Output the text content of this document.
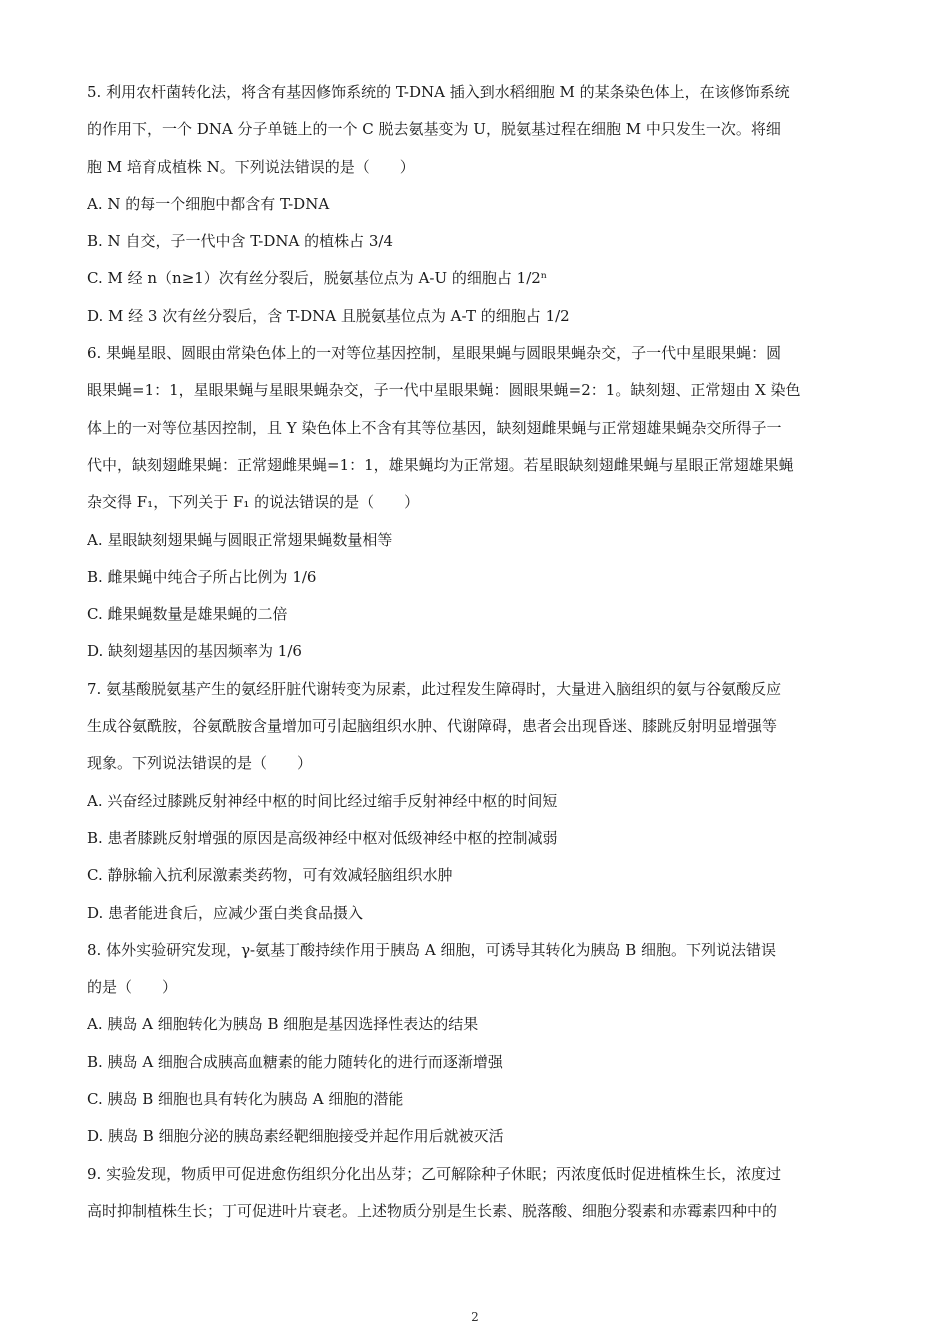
5. 利用农杆菌转化法，将含有基因修饰系统的 T-DNA 插入到水稻细胞 M 的某条染色体上，在该修饰系统
的作用下，一个 DNA 分子单链上的一个 C 脱去氨基变为 U，脱氨基过程在细胞 M 中只发生一次。将细
胞 M 培育成植株 N。下列说法错误的是（　　）
A. N 的每一个细胞中都含有 T-DNA
B. N 自交，子一代中含 T-DNA 的植株占 3/4
C. M 经 n（n≥1）次有丝分裂后，脱氨基位点为 A-U 的细胞占 1/2ⁿ
D. M 经 3 次有丝分裂后，含 T-DNA 且脱氨基位点为 A-T 的细胞占 1/2
6. 果蝇星眼、圆眼由常染色体上的一对等位基因控制，星眼果蝇与圆眼果蝇杂交，子一代中星眼果蝇：圆
眼果蝇=1：1，星眼果蝇与星眼果蝇杂交，子一代中星眼果蝇：圆眼果蝇=2：1。缺刻翅、正常翅由 X 染色
体上的一对等位基因控制，且 Y 染色体上不含有其等位基因，缺刻翅雌果蝇与正常翅雄果蝇杂交所得子一
代中，缺刻翅雌果蝇：正常翅雌果蝇=1：1，雄果蝇均为正常翅。若星眼缺刻翅雌果蝇与星眼正常翅雄果蝇
杂交得 F₁，下列关于 F₁ 的说法错误的是（　　）
A. 星眼缺刻翅果蝇与圆眼正常翅果蝇数量相等
B. 雌果蝇中纯合子所占比例为 1/6
C. 雌果蝇数量是雄果蝇的二倍
D. 缺刻翅基因的基因频率为 1/6
7. 氨基酸脱氨基产生的氨经肝脏代谢转变为尿素，此过程发生障碍时，大量进入脑组织的氨与谷氨酸反应
生成谷氨酰胺，谷氨酰胺含量增加可引起脑组织水肿、代谢障碍，患者会出现昏迷、膝跳反射明显增强等
现象。下列说法错误的是（　　）
A. 兴奋经过膝跳反射神经中枢的时间比经过缩手反射神经中枢的时间短
B. 患者膝跳反射增强的原因是高级神经中枢对低级神经中枢的控制减弱
C. 静脉输入抗利尿激素类药物，可有效减轻脑组织水肿
D. 患者能进食后，应减少蛋白类食品摄入
8. 体外实验研究发现，γ-氨基丁酸持续作用于胰岛 A 细胞，可诱导其转化为胰岛 B 细胞。下列说法错误
的是（　　）
A. 胰岛 A 细胞转化为胰岛 B 细胞是基因选择性表达的结果
B. 胰岛 A 细胞合成胰高血糖素的能力随转化的进行而逐渐增强
C. 胰岛 B 细胞也具有转化为胰岛 A 细胞的潜能
D. 胰岛 B 细胞分泌的胰岛素经靶细胞接受并起作用后就被灭活
9. 实验发现，物质甲可促进愈伤组织分化出丛芽；乙可解除种子休眠；丙浓度低时促进植株生长，浓度过
高时抑制植株生长；丁可促进叶片衰老。上述物质分别是生长素、脱落酸、细胞分裂素和赤霉素四种中的
2
